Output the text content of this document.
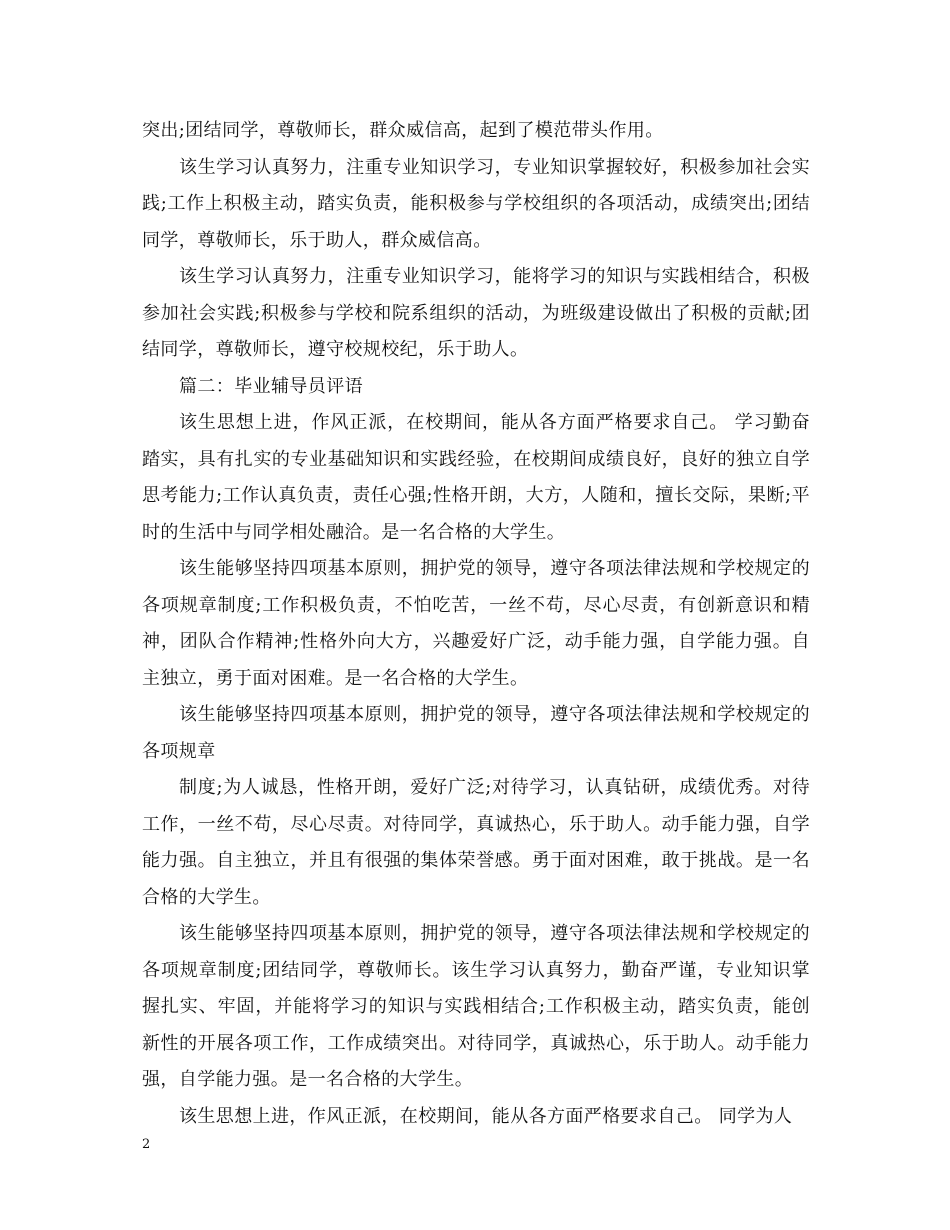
突出;团结同学，尊敬师长，群众威信高，起到了模范带头作用。

该生学习认真努力，注重专业知识学习，专业知识掌握较好，积极参加社会实践;工作上积极主动，踏实负责，能积极参与学校组织的各项活动，成绩突出;团结同学，尊敬师长，乐于助人，群众威信高。

该生学习认真努力，注重专业知识学习，能将学习的知识与实践相结合，积极参加社会实践;积极参与学校和院系组织的活动，为班级建设做出了积极的贡献;团结同学，尊敬师长，遵守校规校纪，乐于助人。

篇二：毕业辅导员评语

该生思想上进，作风正派，在校期间，能从各方面严格要求自己。 学习勤奋踏实，具有扎实的专业基础知识和实践经验，在校期间成绩良好，良好的独立自学思考能力;工作认真负责，责任心强;性格开朗，大方，人随和，擅长交际，果断;平时的生活中与同学相处融洽。是一名合格的大学生。

该生能够坚持四项基本原则，拥护党的领导，遵守各项法律法规和学校规定的各项规章制度;工作积极负责，不怕吃苦，一丝不苟，尽心尽责，有创新意识和精神，团队合作精神;性格外向大方，兴趣爱好广泛，动手能力强，自学能力强。自主独立，勇于面对困难。是一名合格的大学生。

该生能够坚持四项基本原则，拥护党的领导，遵守各项法律法规和学校规定的各项规章

制度;为人诚恳，性格开朗，爱好广泛;对待学习，认真钻研，成绩优秀。对待工作，一丝不苟，尽心尽责。对待同学，真诚热心，乐于助人。动手能力强，自学能力强。自主独立，并且有很强的集体荣誉感。勇于面对困难，敢于挑战。是一名合格的大学生。

该生能够坚持四项基本原则，拥护党的领导，遵守各项法律法规和学校规定的各项规章制度;团结同学，尊敬师长。该生学习认真努力，勤奋严谨，专业知识掌握扎实、牢固，并能将学习的知识与实践相结合;工作积极主动，踏实负责，能创新性的开展各项工作，工作成绩突出。对待同学，真诚热心，乐于助人。动手能力强，自学能力强。是一名合格的大学生。

该生思想上进，作风正派，在校期间，能从各方面严格要求自己。 同学为人

2
